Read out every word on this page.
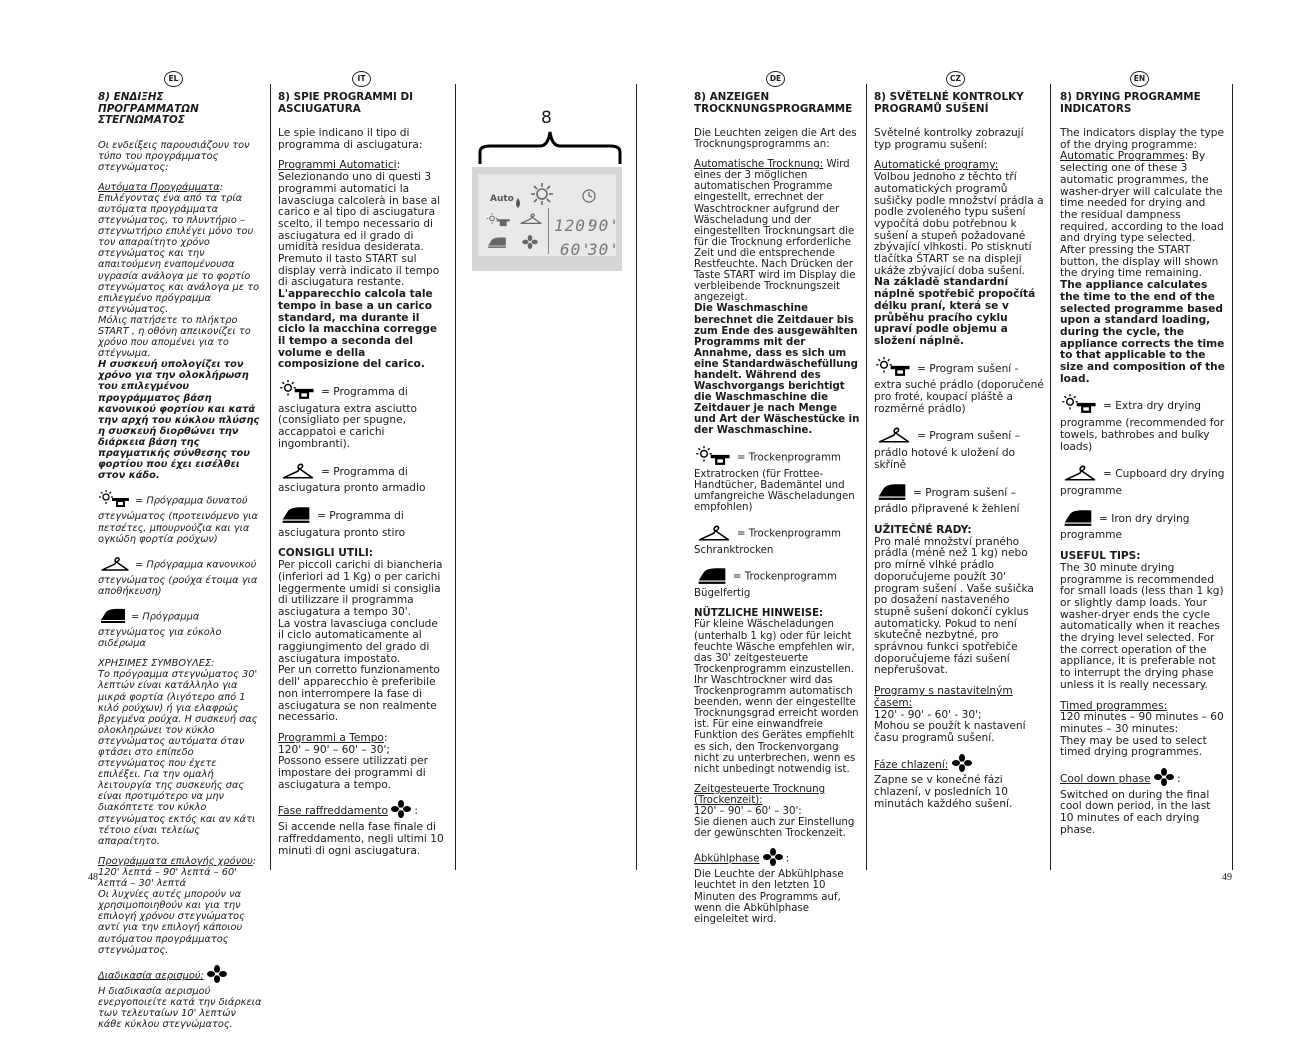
EL	IT	DE	CZ	EN
48	49
8) ΕΝΔΙΞΗΣ ΠΡΟΓΡΑΜΜΑΤΩΝ ΣΤΕΓΝΩΜΑΤΟΣ

Οι ενδείξεις παρουσιάζουν τον τύπο του προγράμματος στεγνώματος:

Αυτόματα Προγράμματα: Επιλέγοντας ένα από τα τρία αυτόματα προγράμματα στεγνώματος, το πλυντήριο – στεγνωτήριο επιλέγει μόνο του τον απαραίτητο χρόνο στεγνώματος και την απαιτούμενη εναπομένουσα υγρασία ανάλογα με το φορτίο στεγνώματος και ανάλογα με το επιλεγμένο πρόγραμμα στεγνώματος.
Μόλις πατήσετε το πλήκτρο START , η οθόνη απεικονίζει το χρόνο που απομένει για το στέγνωμα.
Η συσκευή υπολογίζει τον χρόνο για την ολοκλήρωση του επιλεγμένου προγράμματος βάση κανονικού φορτίου και κατά την αρχή του κύκλου πλύσης η συσκευή διορθώνει την διάρκεια βάση της πραγματικής σύνθεσης του φορτίου που έχει εισέλθει στον κάδο.

= Πρόγραμμα δυνατού στεγνώματος (προτεινόμενο για πετσέτες, μπουρνούζια και για ογκώδη φορτία ρούχων)
= Πρόγραμμα κανονικού στεγνώματος (ρούχα έτοιμα για αποθήκευση)
= Πρόγραμμα στεγνώματος για εύκολο σιδέρωμα

ΧΡΗΣΙΜΕΣ ΣΥΜΒΟΥΛΕΣ:
Το πρόγραμμα στεγνώματος 30' λεπτών είναι κατάλληλο για μικρά φορτία (λιγότερο από 1 κιλό ρούχων) ή για ελαφρώς βρεγμένα ρούχα. Η συσκευή σας ολοκληρώνει τον κύκλο στεγνώματος αυτόματα όταν φτάσει στο επίπεδο στεγνώματος που έχετε επιλέξει. Για την ομαλή λειτουργία της συσκευής σας είναι προτιμότερο να μην διακόπτετε τον κύκλο στεγνώματος εκτός και αν κάτι τέτοιο είναι τελείως απαραίτητο.

Προγράμματα επιλογής χρόνου:
120' λεπτά – 90' λεπτά – 60' λεπτά – 30' λεπτά
Οι λυχνίες αυτές μπορούν να χρησιμοποιηθούν και για την επιλογή χρόνου στεγνώματος αντί για την επιλογή κάποιου αυτόματου προγράμματος στεγνώματος.

Διαδικασία αερισμού:
Η διαδικασία αερισμού ενεργοποιείτε κατά την διάρκεια των τελευταίων 10' λεπτών κάθε κύκλου στεγνώματος.

8) SPIE PROGRAMMI DI ASCIUGATURA

Le spie indicano il tipo di programma di asciugatura:

Programmi Automatici:
Selezionando uno di questi 3 programmi automatici la lavasciuga calcolerà in base al carico e al tipo di asciugatura scelto, il tempo necessario di asciugatura ed il grado di umidità residua desiderata. Premuto il tasto START sul display verrà indicato il tempo di asciugatura restante.
L'apparecchio calcola tale tempo in base a un carico standard, ma durante il ciclo la macchina corregge il tempo a seconda del volume e della composizione del carico.

= Programma di asciugatura extra asciutto (consigliato per spugne, accappatoi e carichi ingombranti).
= Programma di asciugatura pronto armadio
= Programma di asciugatura pronto stiro

CONSIGLI UTILI:
Per piccoli carichi di biancheria (inferiori ad 1 Kg) o per carichi leggermente umidi si consiglia di utilizzare il programma asciugatura a tempo 30'.
La vostra lavasciuga conclude il ciclo automaticamente al raggiungimento del grado di asciugatura impostato.
Per un corretto funzionamento dell' apparecchio è preferibile non interrompere la fase di asciugatura se non realmente necessario.

Programmi a Tempo:
120' – 90' – 60' – 30';
Possono essere utilizzati per impostare dei programmi di asciugatura a tempo.

Fase raffreddamento :
Si accende nella fase finale di raffreddamento, negli ultimi 10 minuti di ogni asciugatura.

8
Auto
120'
90'
60'
30'
8) ANZEIGEN TROCKNUNGSPROGRAMME

Die Leuchten zeigen die Art des Trocknungsprogramms an:

Automatische Trocknung: Wird eines der 3 möglichen automatischen Programme eingestellt, errechnet der Waschtrockner aufgrund der Wäscheladung und der eingestellten Trocknungsart die für die Trocknung erforderliche Zeit und die entsprechende Restfeuchte. Nach Drücken der Taste START wird im Display die verbleibende Trocknungszeit angezeigt.
Die Waschmaschine berechnet die Zeitdauer bis zum Ende des ausgewählten Programms mit der Annahme, dass es sich um eine Standardwäschefüllung handelt. Während des Waschvorgangs berichtigt die Waschmaschine die Zeitdauer je nach Menge und Art der Wäschestücke in der Waschmaschine.

= Trockenprogramm Extratrocken (für Frottee-Handtücher, Bademäntel und umfangreiche Wäscheladungen empfohlen)
= Trockenprogramm Schranktrocken
= Trockenprogramm Bügelfertig

NÜTZLICHE HINWEISE:
Für kleine Wäscheladungen (unterhalb 1 kg) oder für leicht feuchte Wäsche empfehlen wir, das 30' zeitgesteuerte Trockenprogramm einzustellen. Ihr Waschtrockner wird das Trockenprogramm automatisch beenden, wenn der eingestellte Trocknungsgrad erreicht worden ist. Für eine einwandfreie Funktion des Gerätes empfiehlt es sich, den Trockenvorgang nicht zu unterbrechen, wenn es nicht unbedingt notwendig ist.

Zeitgesteuerte Trocknung (Trockenzeit):
120' – 90' – 60' – 30':
Sie dienen auch zur Einstellung der gewünschten Trockenzeit.

Abkühlphase	:
Die Leuchte der Abkühlphase leuchtet in den letzten 10 Minuten des Programms auf, wenn die Abkühlphase eingeleitet wird.

8) SVĚTELNÉ KONTROLKY PROGRAMŮ SUŠENÍ

Světelné kontrolky zobrazují typ programu sušení:

Automatické programy:
Volbou jednoho z těchto tří automatických programů sušičky podle množství prádla a podle zvoleného typu sušení vypočítá dobu potřebnou k sušení a stupeň požadované zbývající vlhkosti. Po stisknutí tlačítka ŠTART se na displeji ukáže zbývající doba sušení.
Na základě standardní náplně spotřebič propočítá délku praní, která se v průběhu pracího cyklu upraví podle objemu a složení náplně.

= Program sušení - extra suché prádlo (doporučené pro froté, koupací pláště a rozměrné prádlo)
= Program sušení – prádlo hotové k uložení do skříně
= Program sušení – prádlo připravené k žehlení

UŽITEČNÉ RADY:
Pro malé množství praného prádla (méně než 1 kg) nebo pro mírně vlhké prádlo doporučujeme použít 30' program sušení . Vaše sušička po dosažení nastaveného stupně sušení dokončí cyklus automaticky. Pokud to není skutečně nezbytné, pro správnou funkci spotřebiče doporučujeme fázi sušení nepřerušovat.

Programy s nastavitelným časem:
120' - 90' - 60' - 30';
Mohou se použít k nastavení času programů sušení.

Fáze chlazení:
Zapne se v konečné fázi chlazení, v posledních 10 minutách každého sušení.

8) DRYING PROGRAMME INDICATORS

The indicators display the type of the drying programme:
Automatic Programmes: By selecting one of these 3 automatic programmes, the washer-dryer will calculate the time needed for drying and the residual dampness required, according to the load and drying type selected.
After pressing the START button, the display will shown the drying time remaining.
The appliance calculates the time to the end of the selected programme based upon a standard loading, during the cycle, the appliance corrects the time to that applicable to the size and composition of the load.

= Extra dry drying programme (recommended for towels, bathrobes and bulky loads)
= Cupboard dry drying programme
= Iron dry drying programme

USEFUL TIPS:
The 30 minute drying programme is recommended for small loads (less than 1 kg) or slightly damp loads. Your washer-dryer ends the cycle automatically when it reaches the drying level selected. For the correct operation of the appliance, it is preferable not to interrupt the drying phase unless it is really necessary.

Timed programmes:
120 minutes – 90 minutes – 60 minutes – 30 minutes:
They may be used to select timed drying programmes.

Cool down phase :
Switched on during the final cool down period, in the last 10 minutes of each drying phase.
